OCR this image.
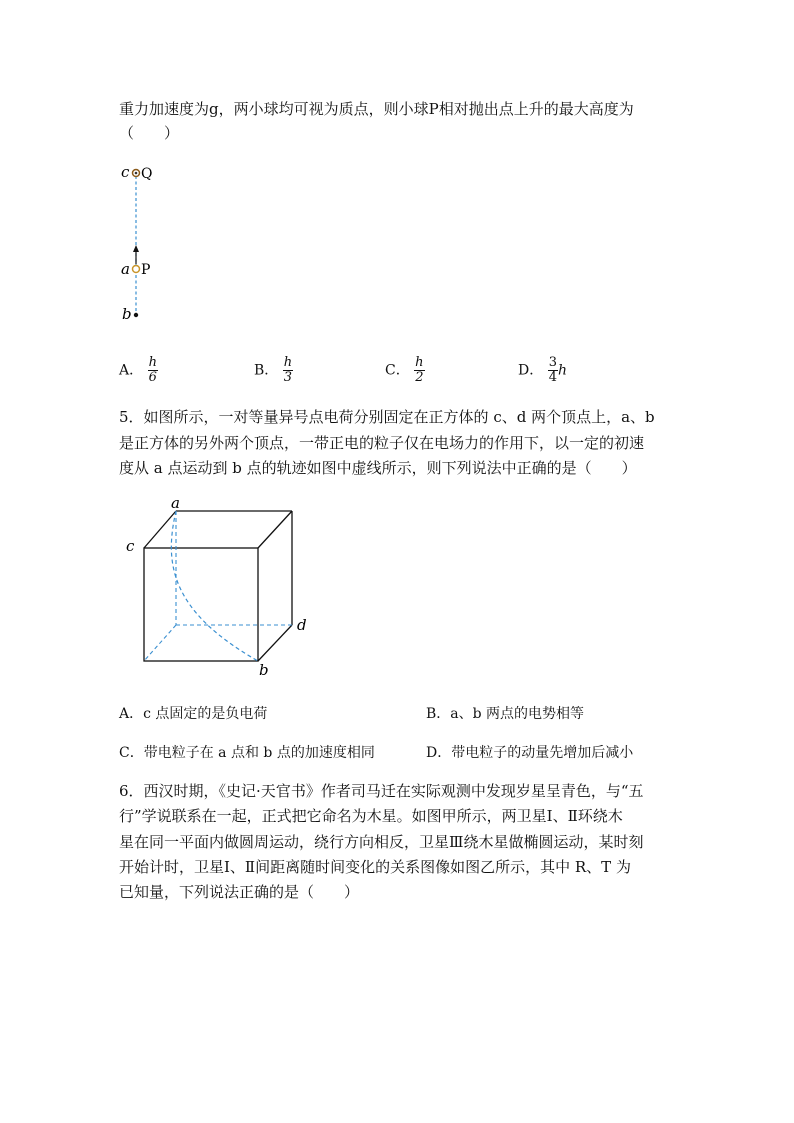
重力加速度为g，两小球均可视为质点，则小球P相对抛出点上升的最大高度为
（　　）
c Q
a P
b
A． $\frac{h}{6}$	B． $\frac{h}{3}$	C． $\frac{h}{2}$	D． $\frac{3}{4}$ h
5．如图所示，一对等量异号点电荷分别固定在正方体的 c、d 两个顶点上，a、b
是正方体的另外两个顶点，一带正电的粒子仅在电场力的作用下，以一定的初速
度从 a 点运动到 b 点的轨迹如图中虚线所示，则下列说法中正确的是（　　）
a
c
d
b
A．c 点固定的是负电荷	B．a、b 两点的电势相等
C．带电粒子在 a 点和 b 点的加速度相同	D．带电粒子的动量先增加后减小
6．西汉时期，《史记·天官书》作者司马迁在实际观测中发现岁星呈青色，与“五
行”学说联系在一起，正式把它命名为木星。如图甲所示，两卫星Ⅰ、Ⅱ环绕木
星在同一平面内做圆周运动，绕行方向相反，卫星Ⅲ绕木星做椭圆运动，某时刻
开始计时，卫星Ⅰ、Ⅱ间距离随时间变化的关系图像如图乙所示，其中 R、T 为
已知量，下列说法正确的是（　　）
